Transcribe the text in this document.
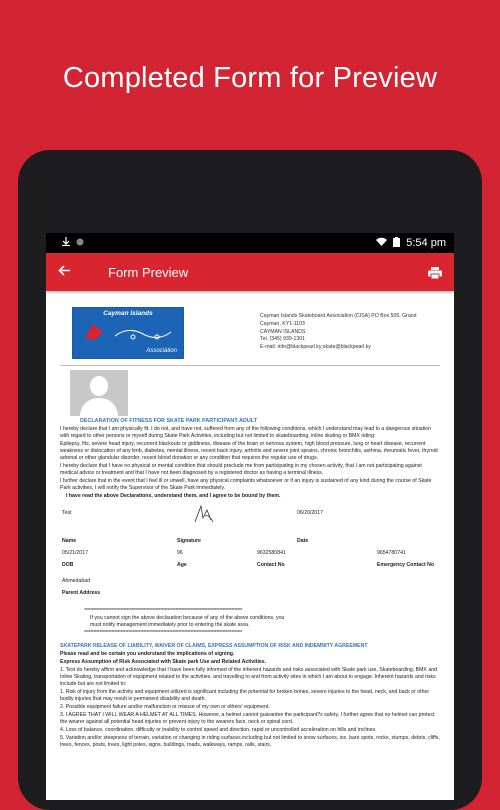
Completed Form for Preview
5:54 pm
Form Preview
Cayman Islands
Association
Cayman Islands Skateboard Association (CISA) PO Box 505, Grand
Cayman, KY1-1103
CAYMAN ISLANDS
Tel. (345) 939-1301
E-mail: info@blackpearl.ky;skate@blackpearl.ky
DECLARATION OF FITNESS FOR SKATE PARK PARTICIPANT-ADULT
I hereby declare that I am physically fit. I do not, and have not, suffered from any of the following conditions, which I understand may lead to a dangerous situation with regard to other persons or myself during Skate Park Activities, including but not limited to skateboarding, inline skating or BMX riding:
Epilepsy, fits, severe head injury, recurrent blackouts or giddiness, disease of the brain or nervous system, high blood pressure, lung or heart disease, recurrent weakness or dislocation of any limb, diabetes, mental illness, recent back injury, arthritis and severe joint sprains, chronic bronchitis, asthma, rheumatic fever, thyroid adrenal or other glandular disorder, recent blood donation or any condition that requires the regular use of drugs.
I hereby declare that I have no physical or mental condition that should preclude me from participating in my chosen activity, that I am not participating against medical advice or treatment and that I have not been diagnosed by a registered doctor as having a terminal illness.
I further declare that in the event that I feel ill or unwell, have any physical complaints whatsoever or if an injury is sustained of any kind during the course of Skate Park activities, I will notify the Supervisor of the Skate Park immediately.
I have read the above Declarations, understand them, and I agree to be bound by them.
Test	06/20/2017
Name	Signature	Date
05/21/2017	96	9632580841	9654780741
DOB	Age	Contact No	Emergency Contact No
Ahmedabad
Parent Address
********************************************************************************************************
If you cannot sign the above declaration because of any of the above conditions, you
must notify management immediately prior to entering the skate area.
********************************************************************************************************
SKATEPARK RELEASE OF LIABILITY, WAIVER OF CLAIMS, EXPRESS ASSUMPTION OF RISK AND INDEMNITY AGREEMENT
Please read and be certain you understand the implications of signing.
Express Assumption of Risk Associated with Skate park Use and Related Activities.
1. Test do hereby affirm and acknowledge that I have been fully informed of the inherent hazards and risks associated with Skate park use, Skateboarding, BMX and Inline Skating, transportation of equipment related to the activities, and travelling to and from activity sites in which I am about to engage. Inherent hazards and risks include but are not limited to:
1. Risk of injury from the activity and equipment utilized is significant including the potential for broken bones, severe injuries to the head, neck, and back or other bodily injuries that may result in permanent disability and death.
2. Possible equipment failure and/or malfunction or misuse of my own or others' equipment.
3. I AGREE THAT I WILL WEAR A HELMET AT ALL TIMES. However, a helmet cannot guarantee the participant?s safety. I further agree that no helmet can protect the wearer against all potential head injuries or prevent injury to the wearers face, neck or spinal cord.
4. Loss of balance, coordination, difficulty or inability to control speed and direction, rapid or uncontrolled acceleration on hills and inclines.
5. Variation and/or steepness of terrain, variation or changing in riding surfaces including but not limited to snow surfaces, ice, bare spots, rocks, stumps, debris, cliffs, trees, fences, posts, trees, light poles, signs, buildings, roads, walkways, ramps, rails, stairs,
